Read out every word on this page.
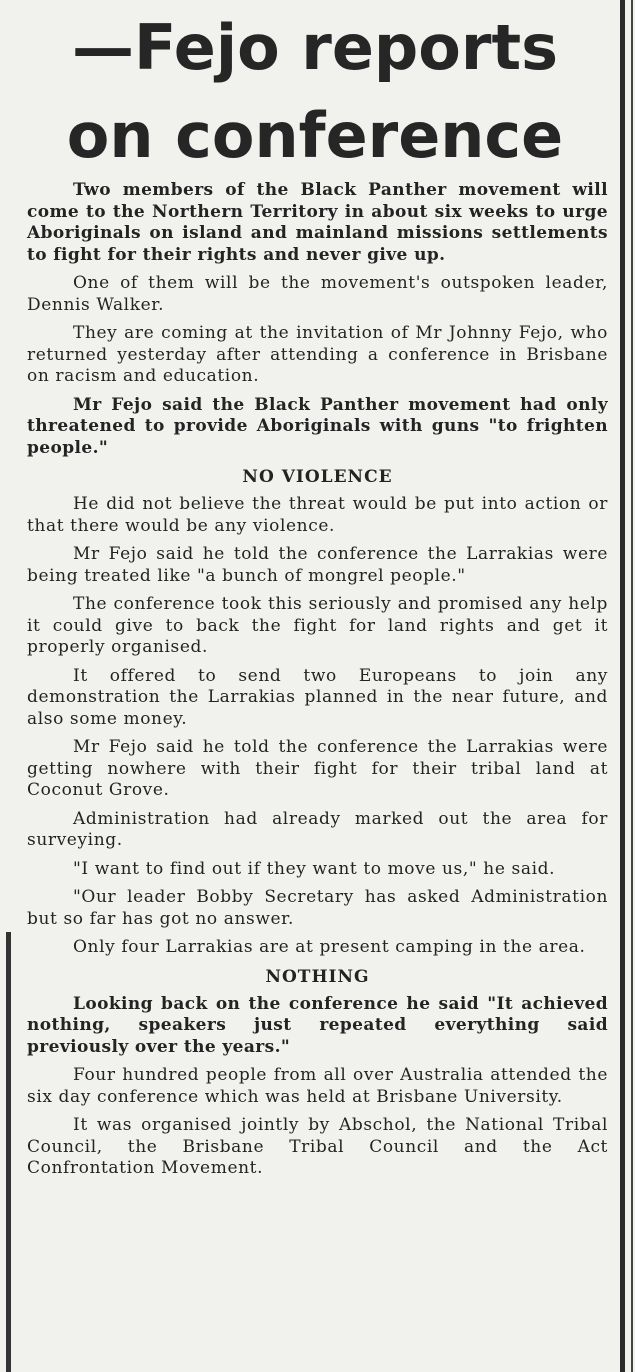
—Fejo reports
on conference

Two members of the Black Panther movement will come to the Northern Territory in about six weeks to urge Aboriginals on island and mainland missions settlements to fight for their rights and never give up.

One of them will be the movement's outspoken leader, Dennis Walker.

They are coming at the invitation of Mr Johnny Fejo, who returned yesterday after attending a conference in Brisbane on racism and education.

Mr Fejo said the Black Panther movement had only threatened to provide Aboriginals with guns "to frighten people."

NO VIOLENCE

He did not believe the threat would be put into action or that there would be any violence.

Mr Fejo said he told the conference the Larrakias were being treated like "a bunch of mongrel people."

The conference took this seriously and promised any help it could give to back the fight for land rights and get it properly organised.

It offered to send two Europeans to join any demonstration the Larrakias planned in the near future, and also some money.

Mr Fejo said he told the conference the Larrakias were getting nowhere with their fight for their tribal land at Coconut Grove.

Administration had already marked out the area for surveying.

"I want to find out if they want to move us," he said.

"Our leader Bobby Secretary has asked Administration but so far has got no answer.

Only four Larrakias are at present camping in the area.

NOTHING

Looking back on the conference he said "It achieved nothing, speakers just repeated everything said previously over the years."

Four hundred people from all over Australia attended the six day conference which was held at Brisbane University.

It was organised jointly by Abschol, the National Tribal Council, the Brisbane Tribal Council and the Act Confrontation Movement.
